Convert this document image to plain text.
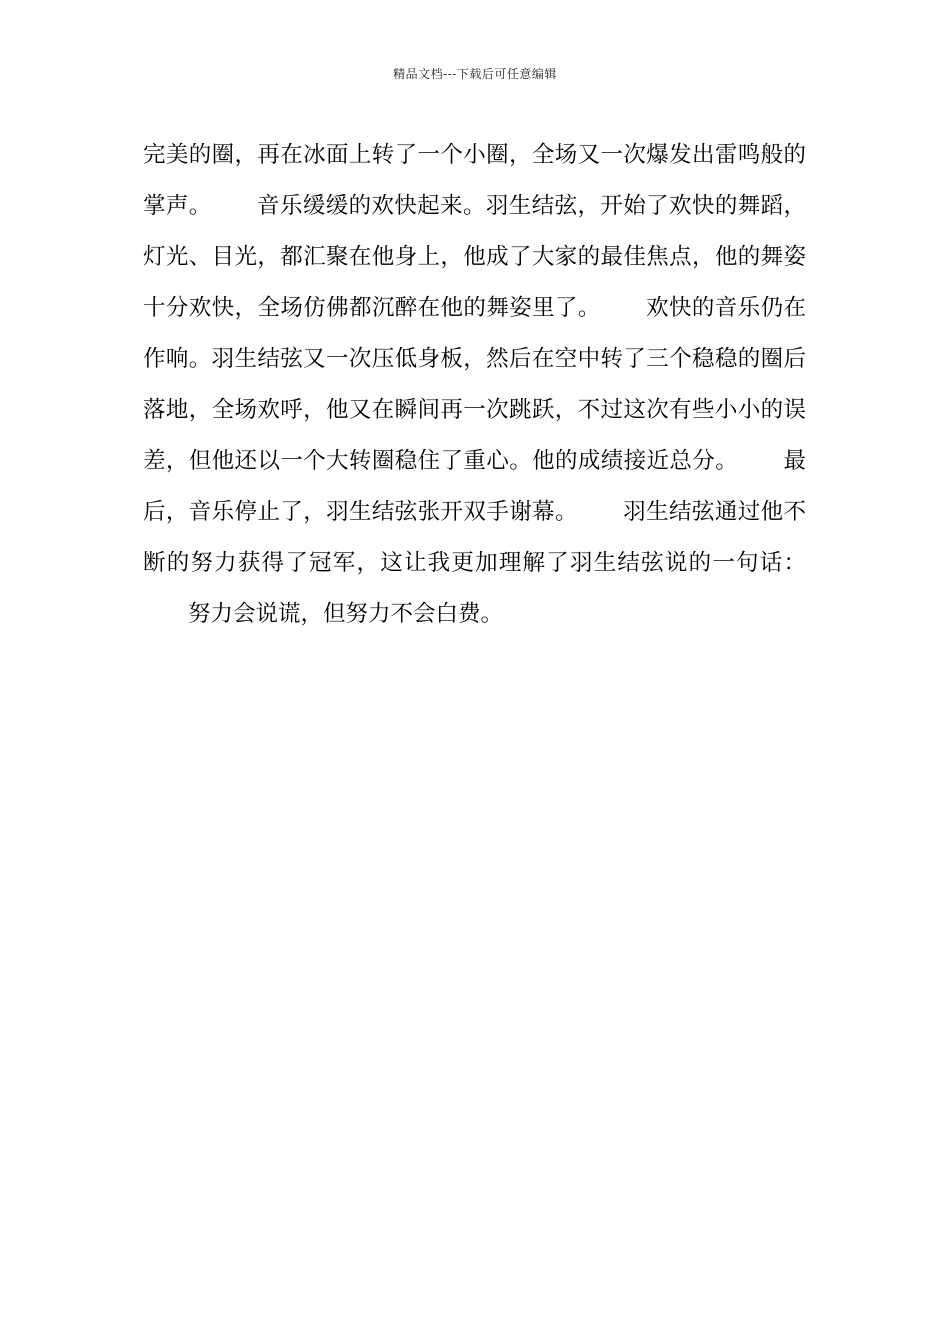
精品文档---下载后可任意编辑

完美的圈，再在冰面上转了一个小圈，全场又一次爆发出雷鸣般的掌声。 音乐缓缓的欢快起来。羽生结弦，开始了欢快的舞蹈，灯光、目光，都汇聚在他身上，他成了大家的最佳焦点，他的舞姿十分欢快，全场仿佛都沉醉在他的舞姿里了。 欢快的音乐仍在作响。羽生结弦又一次压低身板，然后在空中转了三个稳稳的圈后落地，全场欢呼，他又在瞬间再一次跳跃，不过这次有些小小的误差，但他还以一个大转圈稳住了重心。他的成绩接近总分。 最后，音乐停止了，羽生结弦张开双手谢幕。 羽生结弦通过他不断的努力获得了冠军，这让我更加理解了羽生结弦说的一句话：努力会说谎，但努力不会白费。
